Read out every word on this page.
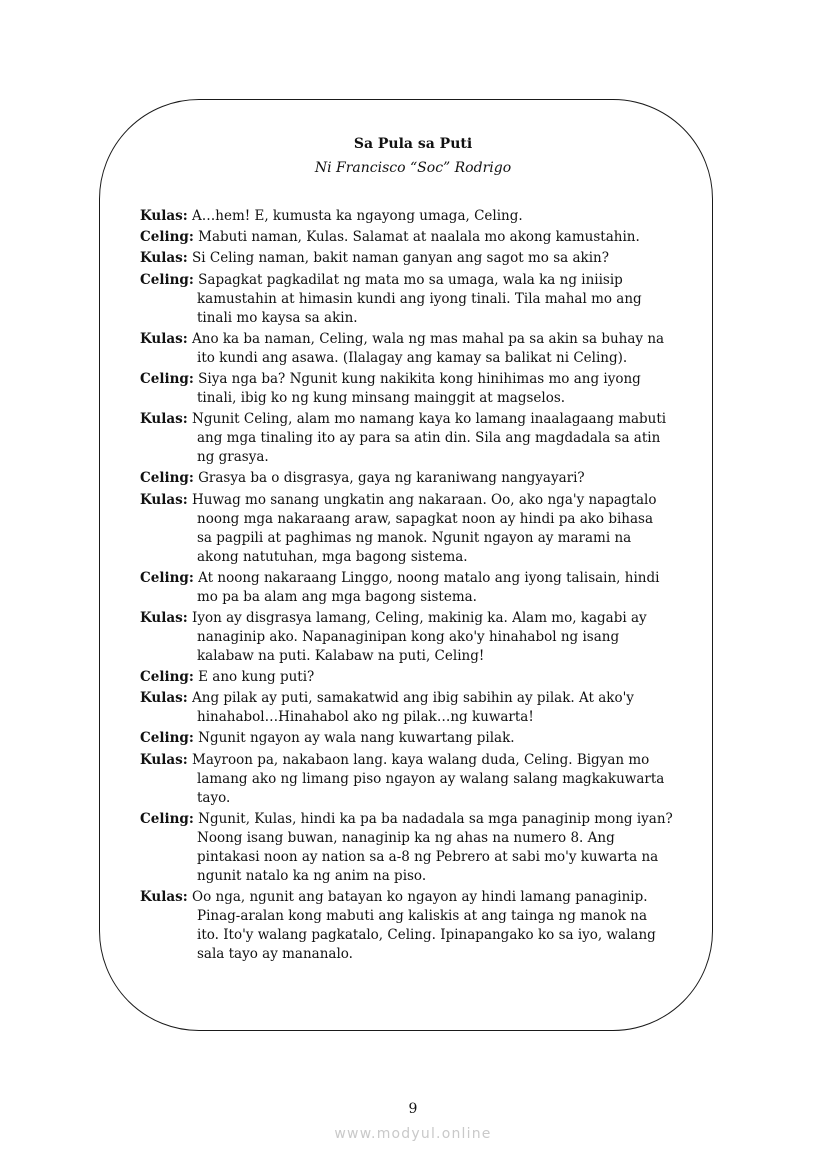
Sa Pula sa Puti
Ni Francisco “Soc” Rodrigo
Kulas: A…hem! E, kumusta ka ngayong umaga, Celing.
Celing: Mabuti naman, Kulas. Salamat at naalala mo akong kamustahin.
Kulas: Si Celing naman, bakit naman ganyan ang sagot mo sa akin?
Celing: Sapagkat pagkadilat ng mata mo sa umaga, wala ka ng iniisip
kamustahin at himasin kundi ang iyong tinali. Tila mahal mo ang
tinali mo kaysa sa akin.
Kulas: Ano ka ba naman, Celing, wala ng mas mahal pa sa akin sa buhay na
ito kundi ang asawa. (Ilalagay ang kamay sa balikat ni Celing).
Celing: Siya nga ba? Ngunit kung nakikita kong hinihimas mo ang iyong
tinali, ibig ko ng kung minsang mainggit at magselos.
Kulas: Ngunit Celing, alam mo namang kaya ko lamang inaalagaang mabuti
ang mga tinaling ito ay para sa atin din. Sila ang magdadala sa atin
ng grasya.
Celing: Grasya ba o disgrasya, gaya ng karaniwang nangyayari?
Kulas: Huwag mo sanang ungkatin ang nakaraan. Oo, ako nga'y napagtalo
noong mga nakaraang araw, sapagkat noon ay hindi pa ako bihasa
sa pagpili at paghimas ng manok. Ngunit ngayon ay marami na
akong natutuhan, mga bagong sistema.
Celing: At noong nakaraang Linggo, noong matalo ang iyong talisain, hindi
mo pa ba alam ang mga bagong sistema.
Kulas: Iyon ay disgrasya lamang, Celing, makinig ka. Alam mo, kagabi ay
nanaginip ako. Napanaginipan kong ako'y hinahabol ng isang
kalabaw na puti. Kalabaw na puti, Celing!
Celing: E ano kung puti?
Kulas: Ang pilak ay puti, samakatwid ang ibig sabihin ay pilak. At ako'y
hinahabol…Hinahabol ako ng pilak…ng kuwarta!
Celing: Ngunit ngayon ay wala nang kuwartang pilak.
Kulas: Mayroon pa, nakabaon lang. kaya walang duda, Celing. Bigyan mo
lamang ako ng limang piso ngayon ay walang salang magkakuwarta
tayo.
Celing: Ngunit, Kulas, hindi ka pa ba nadadala sa mga panaginip mong iyan?
Noong isang buwan, nanaginip ka ng ahas na numero 8. Ang
pintakasi noon ay nation sa a-8 ng Pebrero at sabi mo'y kuwarta na
ngunit natalo ka ng anim na piso.
Kulas: Oo nga, ngunit ang batayan ko ngayon ay hindi lamang panaginip.
Pinag-aralan kong mabuti ang kaliskis at ang tainga ng manok na
ito. Ito'y walang pagkatalo, Celing. Ipinapangako ko sa iyo, walang
sala tayo ay mananalo.
9
www.modyul.online
